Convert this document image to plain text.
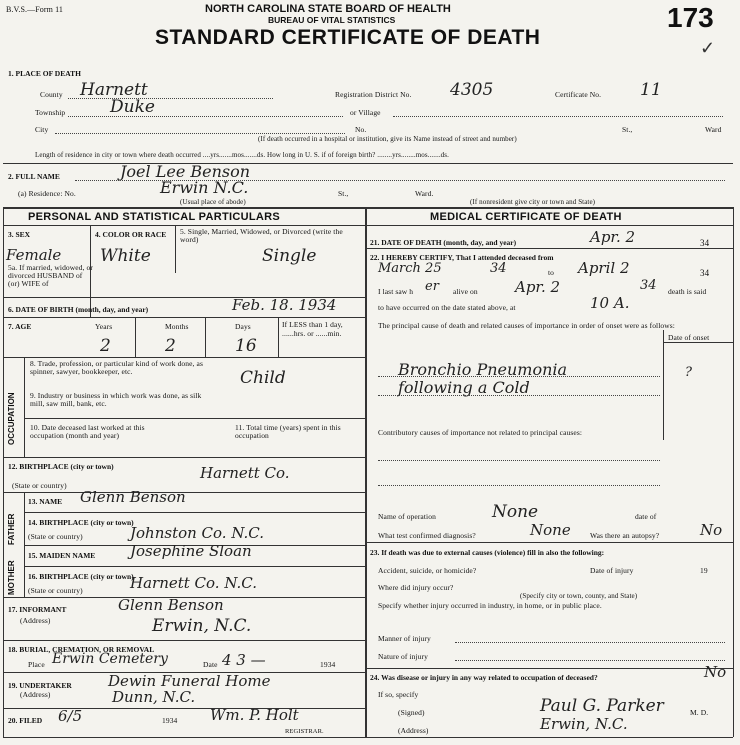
B.V.S.—Form 11	NORTH CAROLINA STATE BOARD OF HEALTH
BUREAU OF VITAL STATISTICS
STANDARD CERTIFICATE OF DEATH
173
✓
1. PLACE OF DEATH
County Harnett	Registration District No. 4305	Certificate No. 11
Township	Duke	or Village
City	No.	St.,	Ward
(If death occurred in a hospital or institution, give its Name instead of street and number)
Length of residence in city or town where death occurred ....yrs.......mos.......ds. How long in U. S. if of foreign birth? ........yrs........mos.......ds.
2. FULL NAME	Joel Lee Benson
(a) Residence: No.	Erwin N.C.	St.,	Ward.
(Usual place of abode)	(If nonresident give city or town and State)
PERSONAL AND STATISTICAL PARTICULARS	MEDICAL CERTIFICATE OF DEATH
3. SEX	4. COLOR OR RACE 5. Single, Married, Widowed, or Divorced (write the word)
Female White	Single
5a. If married, widowed, or divorced HUSBAND of (or) WIFE of
6. DATE OF BIRTH (month, day, and year)	Feb. 18. 1934
7. AGE	Years	Months	Days	If LESS than 1 day, ......hrs. or ......min.
2	2	16
OCCUPATION
8. Trade, profession, or particular kind of work done, as spinner, sawyer, bookkeeper, etc.	Child
9. Industry or business in which work was done, as silk mill, saw mill, bank, etc.
10. Date deceased last worked at this occupation (month and year)
11. Total time (years) spent in this occupation
12. BIRTHPLACE (city or town)	Harnett Co.
(State or country)
MOTHER
FATHER
13. NAME Glenn Benson
14. BIRTHPLACE (city or town)
(State or country)	Johnston Co. N.C.
15. MAIDEN NAME Josephine Sloan
16. BIRTHPLACE (city or town)
(State or country)	Harnett Co. N.C.
17. INFORMANT	Glenn Benson
(Address)	Erwin, N.C.
18. BURIAL, CREMATION, OR REMOVAL
Place Erwin Cemetery	Date 4 3 —	1934
19. UNDERTAKER
(Address)
Dewin Funeral Home
Dunn, N.C.
20. FILED 6/5	1934 Wm. P. Holt
REGISTRAR.
21. DATE OF DEATH (month, day, and year)	Apr. 2	34
22. I HEREBY CERTIFY, That I attended deceased from
March 25	34	to April 2	34
I last saw h er alive on Apr. 2	34 death is said
to have occurred on the date stated above, at	10 A.
The principal cause of death and related causes of importance in order of onset were as follows:
Date of onset
Bronchio Pneumonia
following a Cold
?
Contributory causes of importance not related to principal causes:
Name of operation	None	date of
What test confirmed diagnosis?	None	Was there an autopsy?	No
23. If death was due to external causes (violence) fill in also the following:
Accident, suicide, or homicide?	Date of injury	19
Where did injury occur?
(Specify city or town, county, and State)
Specify whether injury occurred in industry, in home, or in public place.
Manner of injury
Nature of injury
24. Was disease or injury in any way related to occupation of deceased?	No
If so, specify
(Signed)	Paul G. Parker	M. D.
(Address)	Erwin, N.C.
